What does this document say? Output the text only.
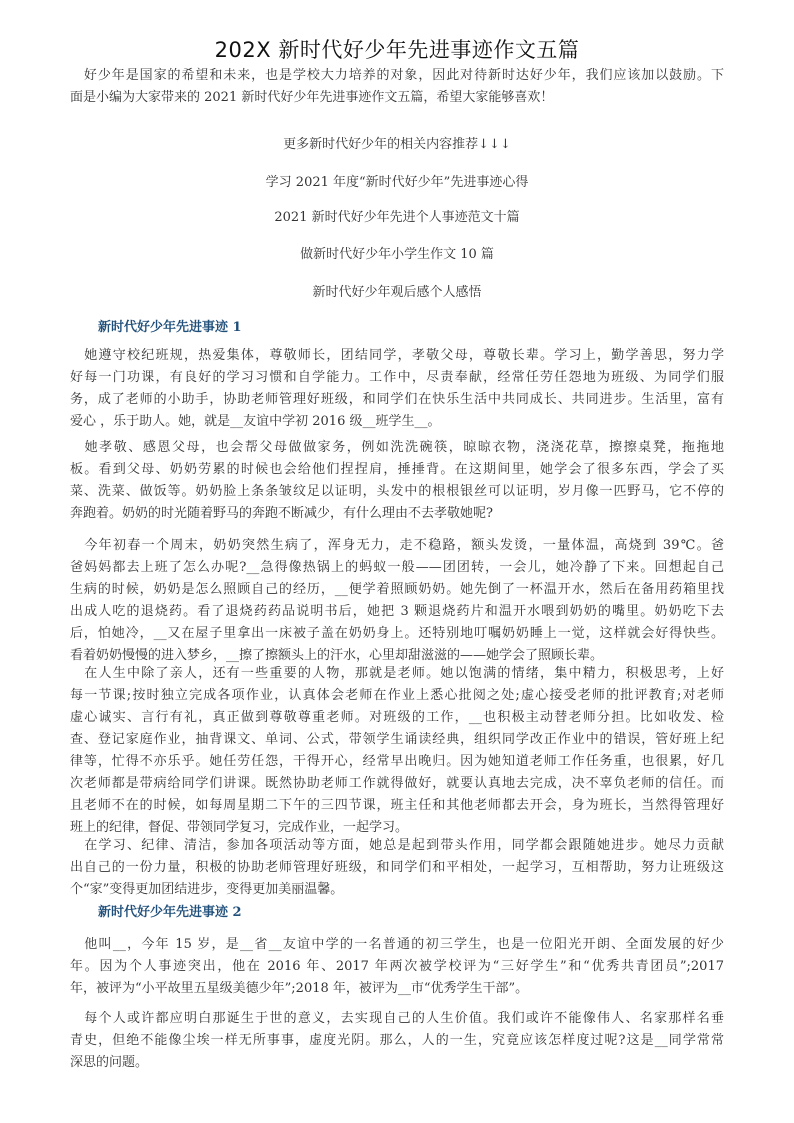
202X 新时代好少年先进事迹作文五篇
　好少年是国家的希望和未来，也是学校大力培养的对象，因此对待新时达好少年，我们应该加以鼓励。下
面是小编为大家带来的 2021 新时代好少年先进事迹作文五篇，希望大家能够喜欢！
更多新时代好少年的相关内容推荐↓↓↓
学习 2021 年度“新时代好少年”先进事迹心得
2021 新时代好少年先进个人事迹范文十篇
做新时代好少年小学生作文 10 篇
新时代好少年观后感个人感悟
新时代好少年先进事迹 1
　她遵守校纪班规，热爱集体，尊敬师长，团结同学，孝敬父母，尊敬长辈。学习上，勤学善思，努力学
好每一门功课，有良好的学习习惯和自学能力。工作中，尽责奉献，经常任劳任怨地为班级、为同学们服
务，成了老师的小助手，协助老师管理好班级，和同学们在快乐生活中共同成长、共同进步。生活里，富有
爱心 ，乐于助人。她，就是__友谊中学初 2016 级__班学生__。
　她孝敬、感恩父母，也会帮父母做做家务，例如洗洗碗筷，晾晾衣物，浇浇花草，擦擦桌凳，拖拖地
板。看到父母、奶奶劳累的时候也会给他们捏捏肩，捶捶背。在这期间里，她学会了很多东西，学会了买
菜、洗菜、做饭等。奶奶脸上条条皱纹足以证明，头发中的根根银丝可以证明，岁月像一匹野马，它不停的
奔跑着。奶奶的时光随着野马的奔跑不断减少，有什么理由不去孝敬她呢?
　今年初春一个周末，奶奶突然生病了，浑身无力，走不稳路，额头发烫，一量体温，高烧到 39℃。爸
爸妈妈都去上班了怎么办呢?__急得像热锅上的蚂蚁一般——团团转，一会儿，她冷静了下来。回想起自己
生病的时候，奶奶是怎么照顾自己的经历，__便学着照顾奶奶。她先倒了一杯温开水，然后在备用药箱里找
出成人吃的退烧药。看了退烧药药品说明书后，她把 3 颗退烧药片和温开水喂到奶奶的嘴里。奶奶吃下去
后，怕她冷，__又在屋子里拿出一床被子盖在奶奶身上。还特别地叮嘱奶奶睡上一觉，这样就会好得快些。
看着奶奶慢慢的进入梦乡，__擦了擦额头上的汗水，心里却甜滋滋的——她学会了照顾长辈。
　在人生中除了亲人，还有一些重要的人物，那就是老师。她以饱满的情绪，集中精力，积极思考，上好
每一节课;按时独立完成各项作业，认真体会老师在作业上悉心批阅之处;虚心接受老师的批评教育;对老师
虚心诚实、言行有礼，真正做到尊敬尊重老师。对班级的工作，__也积极主动替老师分担。比如收发、检
查、登记家庭作业，抽背课文、单词、公式，带领学生诵读经典，组织同学改正作业中的错误，管好班上纪
律等，忙得不亦乐乎。她任劳任怨，干得开心，经常早出晚归。因为她知道老师工作任务重，也很累，好几
次老师都是带病给同学们讲课。既然协助老师工作就得做好，就要认真地去完成，决不辜负老师的信任。而
且老师不在的时候，如每周星期二下午的三四节课，班主任和其他老师都去开会，身为班长，当然得管理好
班上的纪律，督促、带领同学复习，完成作业，一起学习。
　在学习、纪律、清洁，参加各项活动等方面，她总是起到带头作用，同学都会跟随她进步。她尽力贡献
出自己的一份力量，积极的协助老师管理好班级，和同学们和平相处，一起学习，互相帮助，努力让班级这
个“家”变得更加团结进步，变得更加美丽温馨。
新时代好少年先进事迹 2
　他叫__，今年 15 岁，是__省__友谊中学的一名普通的初三学生，也是一位阳光开朗、全面发展的好少
年。因为个人事迹突出，他在 2016 年、2017 年两次被学校评为“三好学生”和“优秀共青团员”;2017
年，被评为“小平故里五星级美德少年”;2018 年，被评为__市“优秀学生干部”。
　每个人或许都应明白那诞生于世的意义，去实现自己的人生价值。我们或许不能像伟人、名家那样名垂
青史，但绝不能像尘埃一样无所事事，虚度光阴。那么，人的一生，究竟应该怎样度过呢?这是__同学常常
深思的问题。
